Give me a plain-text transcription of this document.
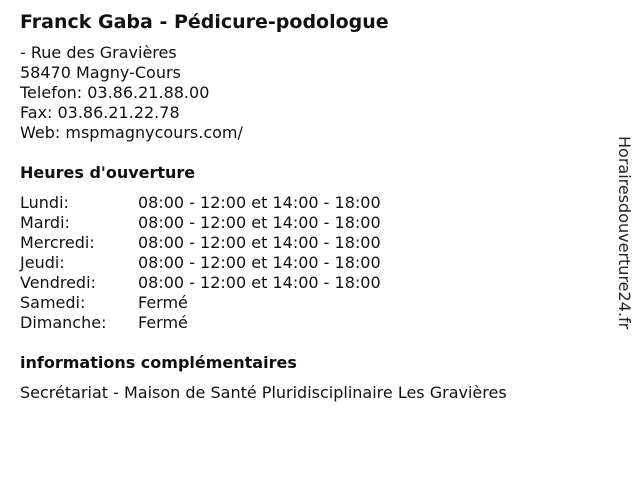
Franck Gaba - Pédicure-podologue
- Rue des Gravières
58470 Magny-Cours
Telefon: 03.86.21.88.00
Fax: 03.86.21.22.78
Web: mspmagnycours.com/
Heures d'ouverture
Lundi:	08:00 - 12:00 et 14:00 - 18:00
Mardi:	08:00 - 12:00 et 14:00 - 18:00
Mercredi:	08:00 - 12:00 et 14:00 - 18:00
Jeudi:	08:00 - 12:00 et 14:00 - 18:00
Vendredi:	08:00 - 12:00 et 14:00 - 18:00
Samedi:	Fermé
Dimanche:	Fermé
informations complémentaires
Secrétariat - Maison de Santé Pluridisciplinaire Les Gravières
Horairesdouverture24.fr
